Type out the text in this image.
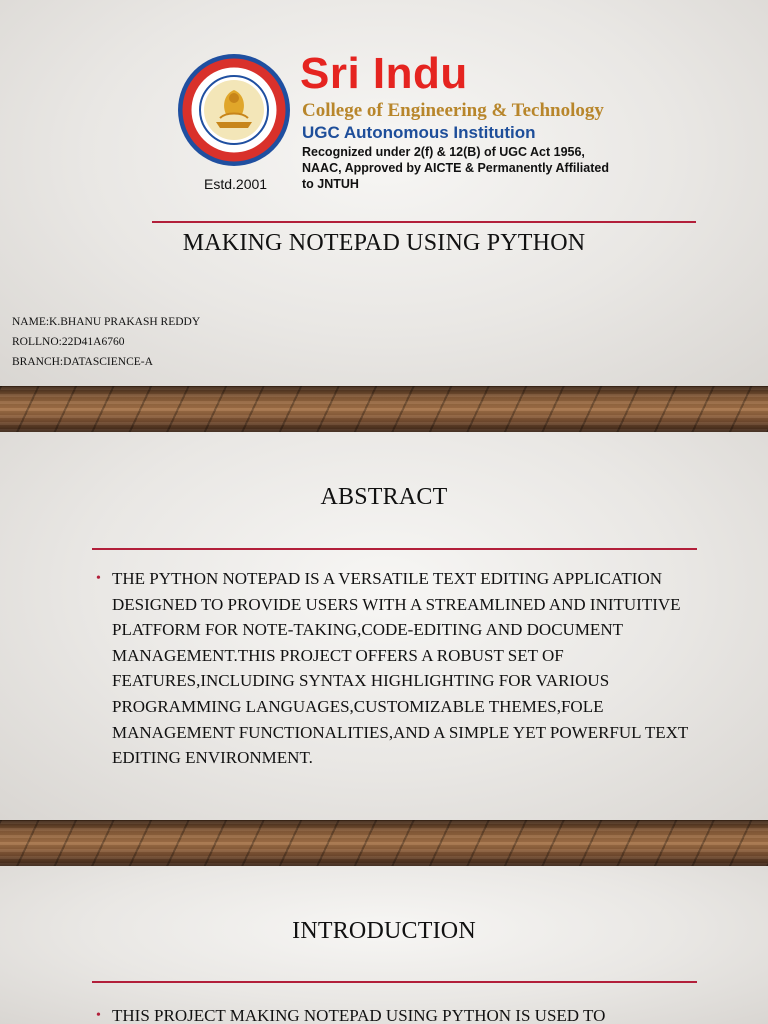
Estd.2001
Sri Indu
College of Engineering & Technology
UGC Autonomous Institution
Recognized under 2(f) & 12(B) of UGC Act 1956, NAAC, Approved by AICTE & Permanently Affiliated to JNTUH
MAKING NOTEPAD USING PYTHON
NAME:K.BHANU PRAKASH REDDY
ROLLNO:22D41A6760
BRANCH:DATASCIENCE-A
ABSTRACT
• THE PYTHON NOTEPAD IS A VERSATILE TEXT EDITING APPLICATION DESIGNED TO PROVIDE USERS WITH A STREAMLINED AND INITUITIVE PLATFORM FOR NOTE-TAKING,CODE-EDITING AND DOCUMENT MANAGEMENT.THIS PROJECT OFFERS A ROBUST SET OF FEATURES,INCLUDING SYNTAX HIGHLIGHTING FOR VARIOUS PROGRAMMING LANGUAGES,CUSTOMIZABLE THEMES,FOLE MANAGEMENT FUNCTIONALITIES,AND A SIMPLE YET POWERFUL TEXT EDITING ENVIRONMENT.
INTRODUCTION
• THIS PROJECT MAKING NOTEPAD USING PYTHON IS USED TO
